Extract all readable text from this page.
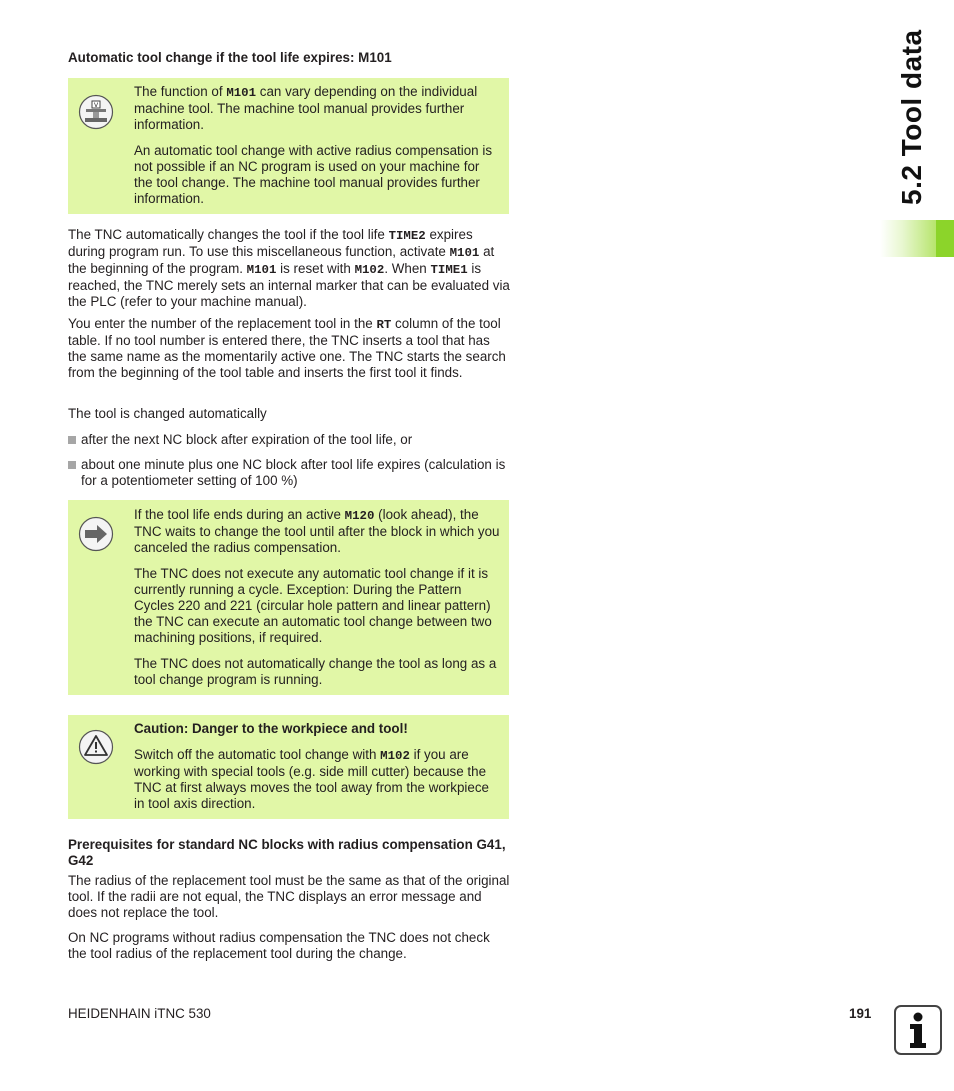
5.2 Tool data
Automatic tool change if the tool life expires: M101
V

The function of M101 can vary depending on the individual machine tool. The machine tool manual provides further information.

An automatic tool change with active radius compensation is not possible if an NC program is used on your machine for the tool change. The machine tool manual provides further information.

The TNC automatically changes the tool if the tool life TIME2 expires during program run. To use this miscellaneous function, activate M101 at the beginning of the program. M101 is reset with M102. When TIME1 is reached, the TNC merely sets an internal marker that can be evaluated via the PLC (refer to your machine manual).

You enter the number of the replacement tool in the RT column of the tool table. If no tool number is entered there, the TNC inserts a tool that has the same name as the momentarily active one. The TNC starts the search from the beginning of the tool table and inserts the first tool it finds.

The tool is changed automatically

after the next NC block after expiration of the tool life, or
about one minute plus one NC block after tool life expires (calculation is for a potentiometer setting of 100 %)

If the tool life ends during an active M120 (look ahead), the TNC waits to change the tool until after the block in which you canceled the radius compensation.

The TNC does not execute any automatic tool change if it is currently running a cycle. Exception: During the Pattern Cycles 220 and 221 (circular hole pattern and linear pattern) the TNC can execute an automatic tool change between two machining positions, if required.

The TNC does not automatically change the tool as long as a tool change program is running.

Caution: Danger to the workpiece and tool!

Switch off the automatic tool change with M102 if you are working with special tools (e.g. side mill cutter) because the TNC at first always moves the tool away from the workpiece in tool axis direction.

Prerequisites for standard NC blocks with radius compensation G41, G42

The radius of the replacement tool must be the same as that of the original tool. If the radii are not equal, the TNC displays an error message and does not replace the tool.

On NC programs without radius compensation the TNC does not check the tool radius of the replacement tool during the change.

HEIDENHAIN iTNC 530	191
